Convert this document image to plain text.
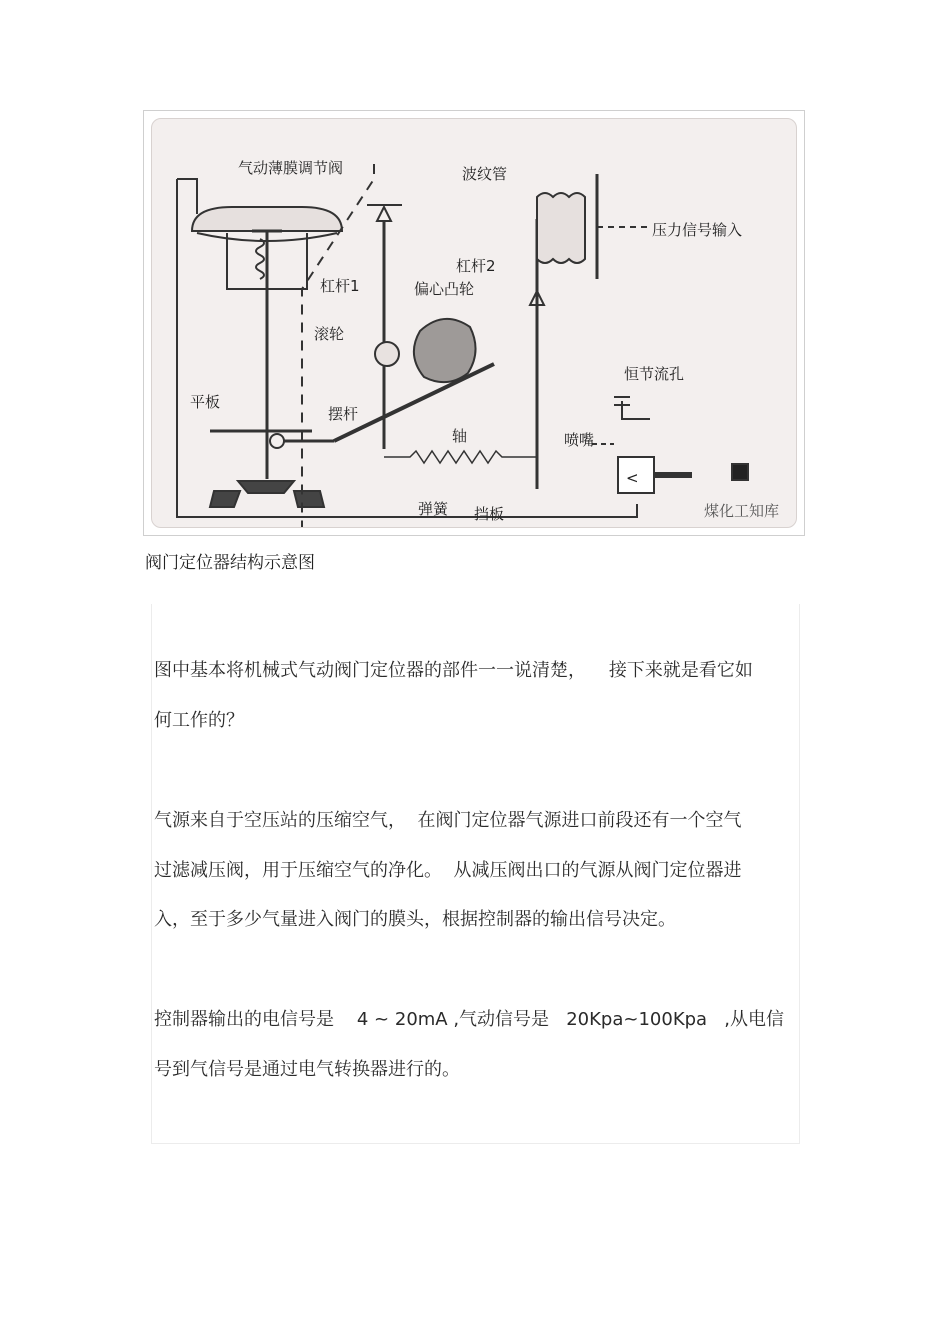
气动薄膜调节阀	波纹管
压力信号输入
杠杆2
杠杆1	偏心凸轮
滚轮
恒节流孔
平板
摆杆
轴	喷嘴
弹簧 挡板
<
煤化工知库
阀门定位器结构示意图
图中基本将机械式气动阀门定位器的部件一一说清楚，    接下来就是看它如
何工作的？
气源来自于空压站的压缩空气，  在阀门定位器气源进口前段还有一个空气
过滤减压阀，用于压缩空气的净化。  从减压阀出口的气源从阀门定位器进
入，至于多少气量进入阀门的膜头，根据控制器的输出信号决定。
控制器输出的电信号是    4 ~ 20mA ,气动信号是   20Kpa~100Kpa   ,从电信
号到气信号是通过电气转换器进行的。
